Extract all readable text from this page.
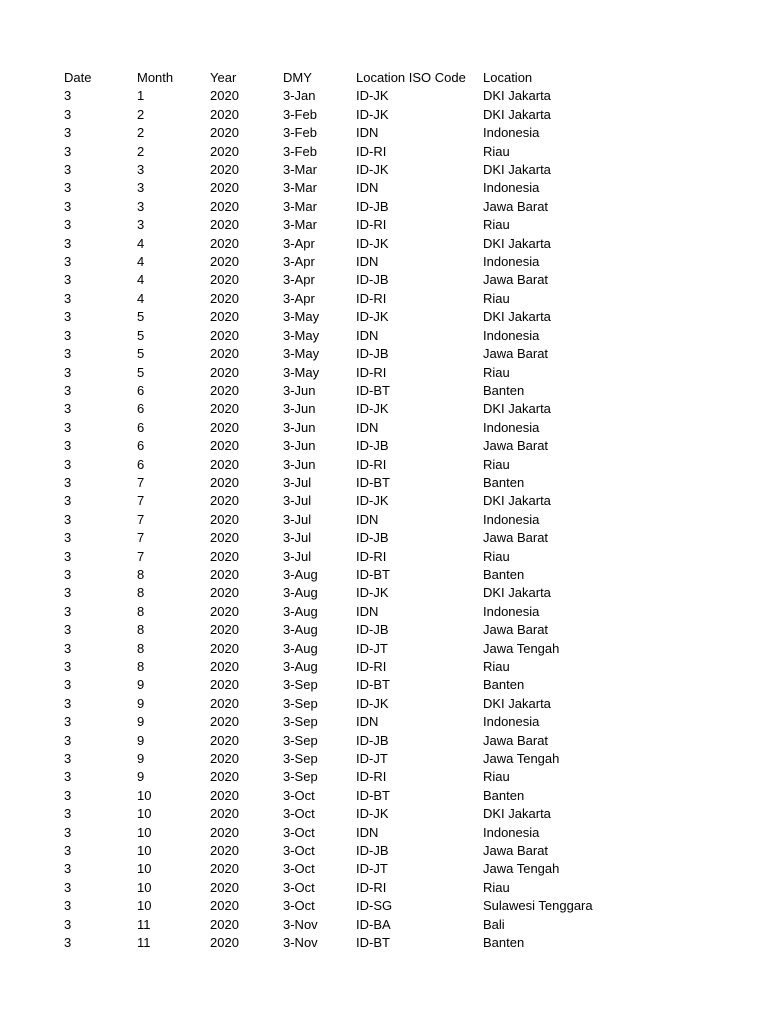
Date	Month	Year	DMY	Location ISO Code	Location
3	1	2020	3-Jan	ID-JK	DKI Jakarta
3	2	2020	3-Feb	ID-JK	DKI Jakarta
3	2	2020	3-Feb	IDN	Indonesia
3	2	2020	3-Feb	ID-RI	Riau
3	3	2020	3-Mar	ID-JK	DKI Jakarta
3	3	2020	3-Mar	IDN	Indonesia
3	3	2020	3-Mar	ID-JB	Jawa Barat
3	3	2020	3-Mar	ID-RI	Riau
3	4	2020	3-Apr	ID-JK	DKI Jakarta
3	4	2020	3-Apr	IDN	Indonesia
3	4	2020	3-Apr	ID-JB	Jawa Barat
3	4	2020	3-Apr	ID-RI	Riau
3	5	2020	3-May	ID-JK	DKI Jakarta
3	5	2020	3-May	IDN	Indonesia
3	5	2020	3-May	ID-JB	Jawa Barat
3	5	2020	3-May	ID-RI	Riau
3	6	2020	3-Jun	ID-BT	Banten
3	6	2020	3-Jun	ID-JK	DKI Jakarta
3	6	2020	3-Jun	IDN	Indonesia
3	6	2020	3-Jun	ID-JB	Jawa Barat
3	6	2020	3-Jun	ID-RI	Riau
3	7	2020	3-Jul	ID-BT	Banten
3	7	2020	3-Jul	ID-JK	DKI Jakarta
3	7	2020	3-Jul	IDN	Indonesia
3	7	2020	3-Jul	ID-JB	Jawa Barat
3	7	2020	3-Jul	ID-RI	Riau
3	8	2020	3-Aug	ID-BT	Banten
3	8	2020	3-Aug	ID-JK	DKI Jakarta
3	8	2020	3-Aug	IDN	Indonesia
3	8	2020	3-Aug	ID-JB	Jawa Barat
3	8	2020	3-Aug	ID-JT	Jawa Tengah
3	8	2020	3-Aug	ID-RI	Riau
3	9	2020	3-Sep	ID-BT	Banten
3	9	2020	3-Sep	ID-JK	DKI Jakarta
3	9	2020	3-Sep	IDN	Indonesia
3	9	2020	3-Sep	ID-JB	Jawa Barat
3	9	2020	3-Sep	ID-JT	Jawa Tengah
3	9	2020	3-Sep	ID-RI	Riau
3	10	2020	3-Oct	ID-BT	Banten
3	10	2020	3-Oct	ID-JK	DKI Jakarta
3	10	2020	3-Oct	IDN	Indonesia
3	10	2020	3-Oct	ID-JB	Jawa Barat
3	10	2020	3-Oct	ID-JT	Jawa Tengah
3	10	2020	3-Oct	ID-RI	Riau
3	10	2020	3-Oct	ID-SG	Sulawesi Tenggara
3	11	2020	3-Nov	ID-BA	Bali
3	11	2020	3-Nov	ID-BT	Banten
